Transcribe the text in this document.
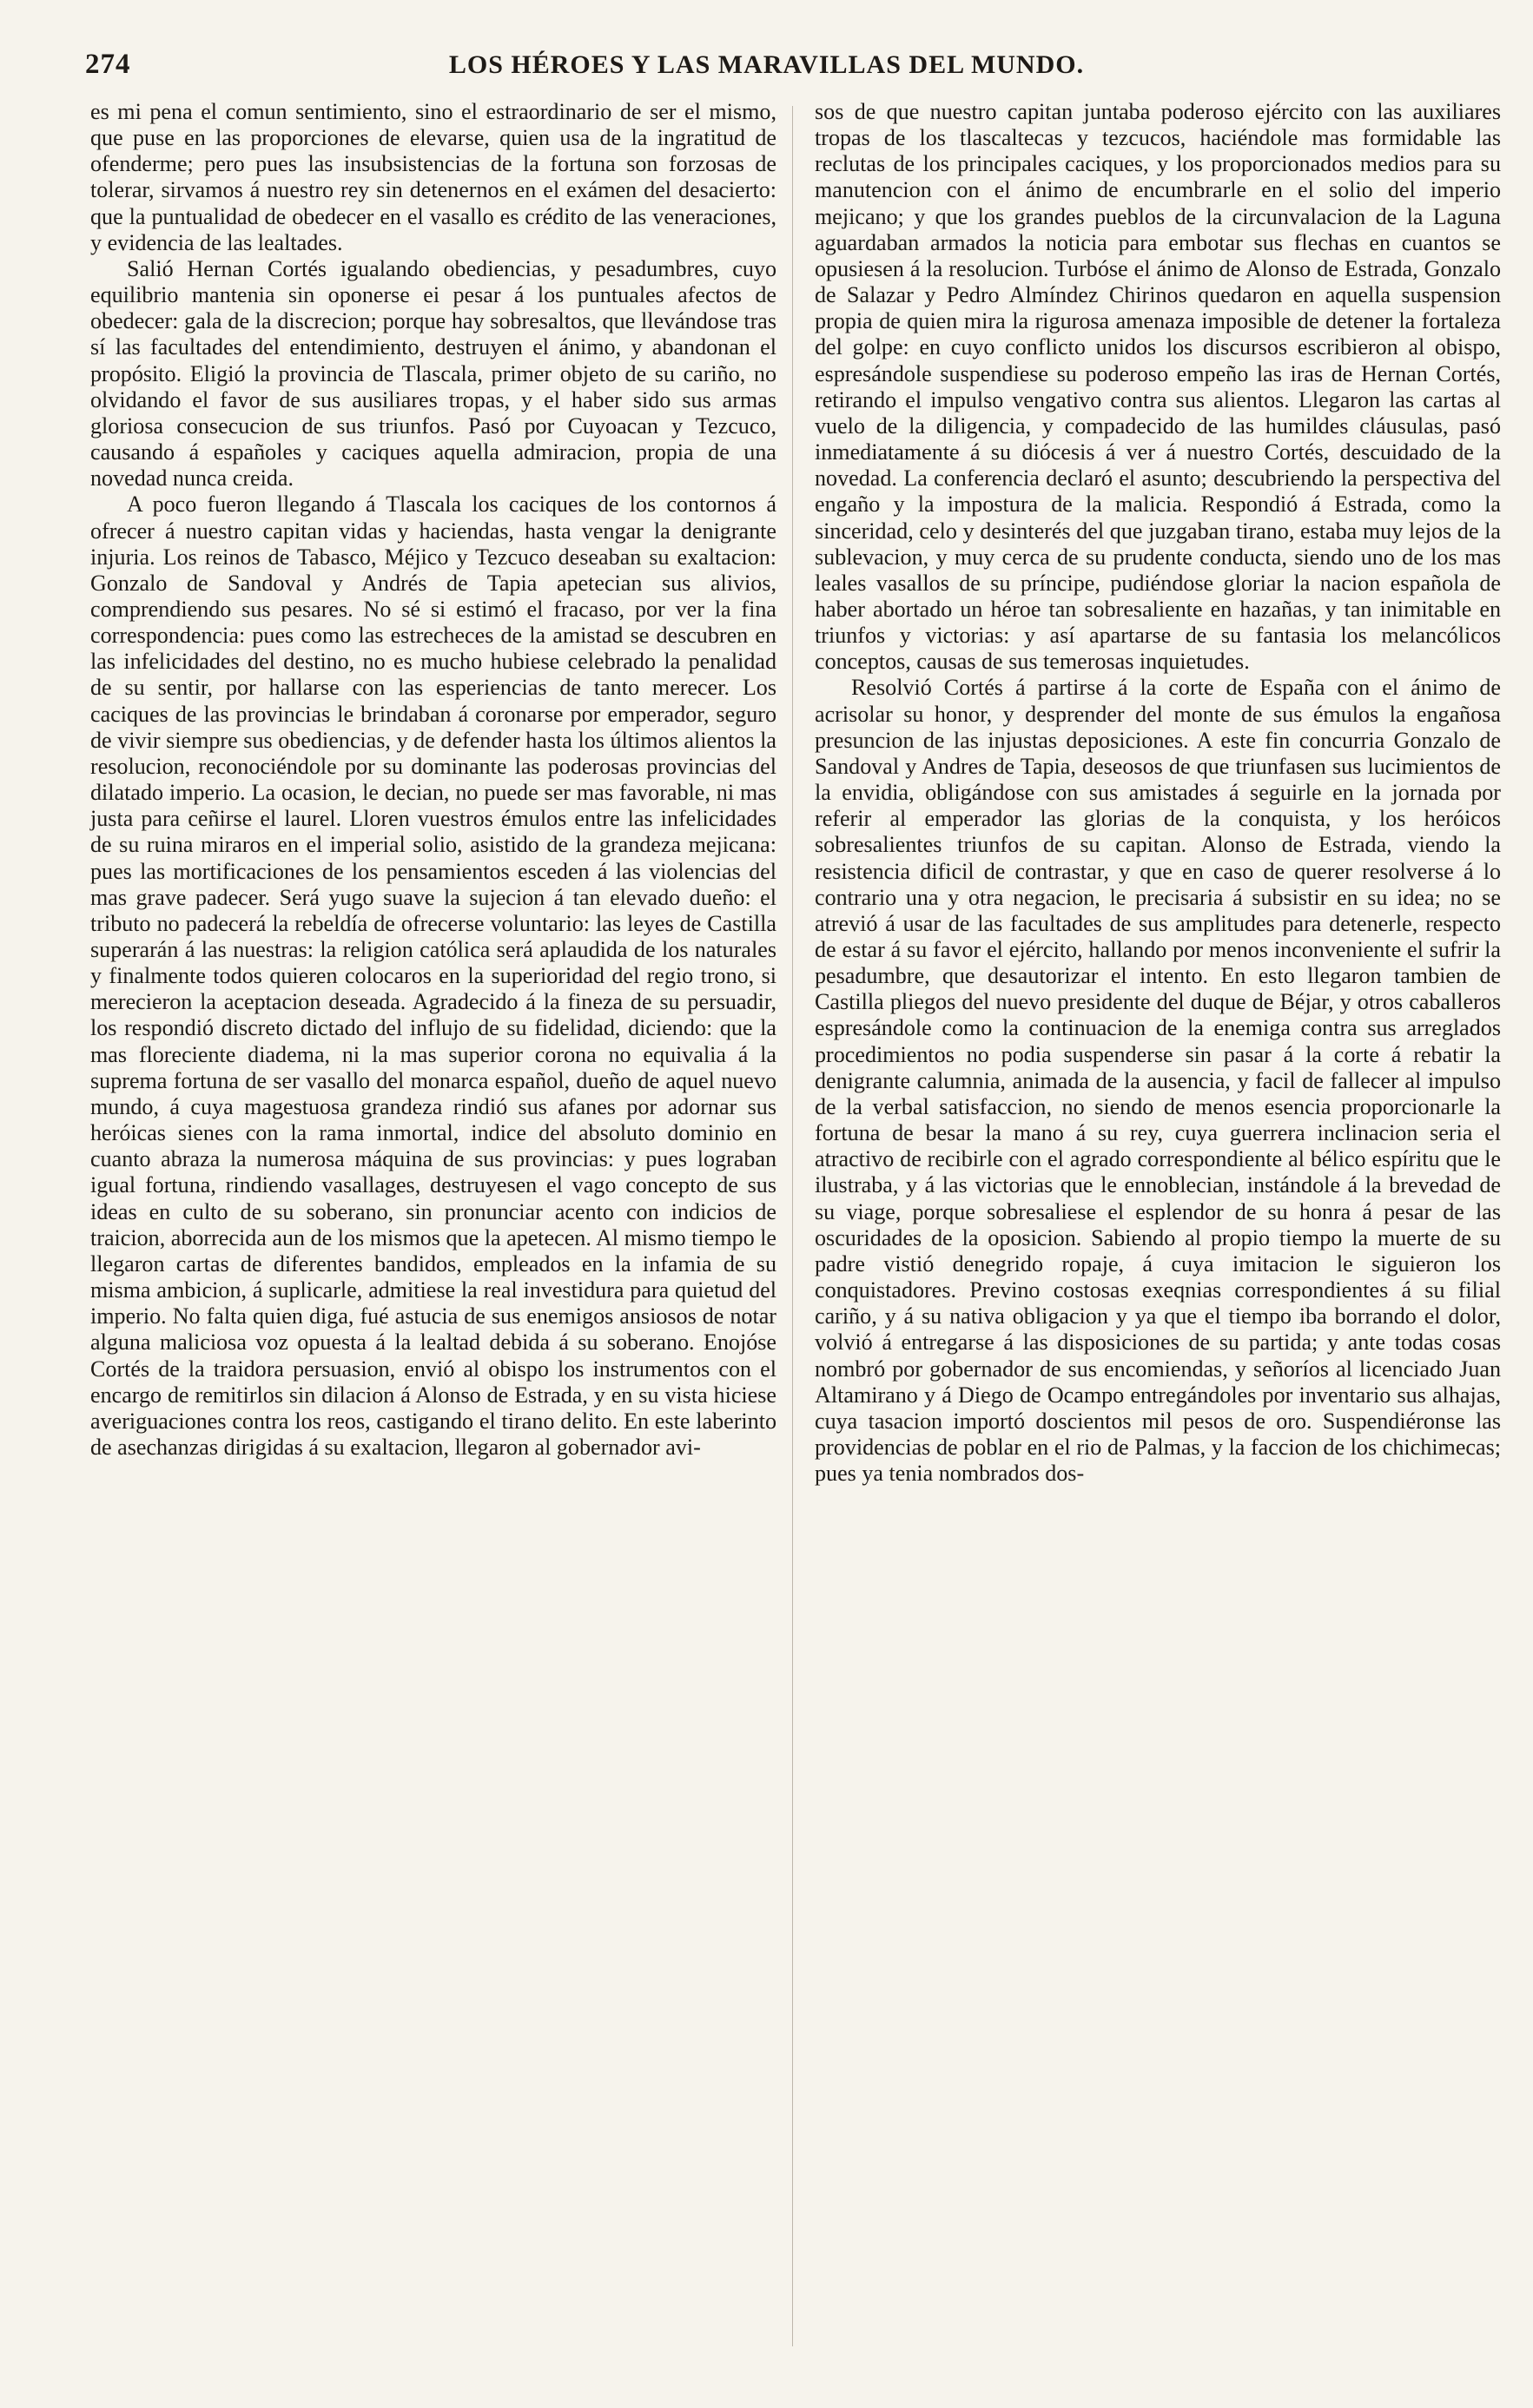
274	LOS HÉROES Y LAS MARAVILLAS DEL MUNDO.

es mi pena el comun sentimiento, sino el estraordinario de ser el mismo, que puse en las proporciones de elevarse, quien usa de la ingratitud de ofenderme; pero pues las insubsistencias de la fortuna son forzosas de tolerar, sirvamos á nuestro rey sin detenernos en el exámen del desacierto: que la puntualidad de obedecer en el vasallo es crédito de las veneraciones, y evidencia de las lealtades.

Salió Hernan Cortés igualando obediencias, y pesadumbres, cuyo equilibrio mantenia sin oponerse ei pesar á los puntuales afectos de obedecer: gala de la discrecion; porque hay sobresaltos, que llevándose tras sí las facultades del entendimiento, destruyen el ánimo, y abandonan el propósito. Eligió la provincia de Tlascala, primer objeto de su cariño, no olvidando el favor de sus ausiliares tropas, y el haber sido sus armas gloriosa consecucion de sus triunfos. Pasó por Cuyoacan y Tezcuco, causando á españoles y caciques aquella admiracion, propia de una novedad nunca creida.

A poco fueron llegando á Tlascala los caciques de los contornos á ofrecer á nuestro capitan vidas y haciendas, hasta vengar la denigrante injuria. Los reinos de Tabasco, Méjico y Tezcuco deseaban su exaltacion: Gonzalo de Sandoval y Andrés de Tapia apetecian sus alivios, comprendiendo sus pesares. No sé si estimó el fracaso, por ver la fina correspondencia: pues como las estrecheces de la amistad se descubren en las infelicidades del destino, no es mucho hubiese celebrado la penalidad de su sentir, por hallarse con las esperiencias de tanto merecer. Los caciques de las provincias le brindaban á coronarse por emperador, seguro de vivir siempre sus obediencias, y de defender hasta los últimos alientos la resolucion, reconociéndole por su dominante las poderosas provincias del dilatado imperio. La ocasion, le decian, no puede ser mas favorable, ni mas justa para ceñirse el laurel. Lloren vuestros émulos entre las infelicidades de su ruina miraros en el imperial solio, asistido de la grandeza mejicana: pues las mortificaciones de los pensamientos esceden á las violencias del mas grave padecer. Será yugo suave la sujecion á tan elevado dueño: el tributo no padecerá la rebeldía de ofrecerse voluntario: las leyes de Castilla superarán á las nuestras: la religion católica será aplaudida de los naturales y finalmente todos quieren colocaros en la superioridad del regio trono, si merecieron la aceptacion deseada. Agradecido á la fineza de su persuadir, los respondió discreto dictado del influjo de su fidelidad, diciendo: que la mas floreciente diadema, ni la mas superior corona no equivalia á la suprema fortuna de ser vasallo del monarca español, dueño de aquel nuevo mundo, á cuya magestuosa grandeza rindió sus afanes por adornar sus heróicas sienes con la rama inmortal, indice del absoluto dominio en cuanto abraza la numerosa máquina de sus provincias: y pues lograban igual fortuna, rindiendo vasallages, destruyesen el vago concepto de sus ideas en culto de su soberano, sin pronunciar acento con indicios de traicion, aborrecida aun de los mismos que la apetecen. Al mismo tiempo le llegaron cartas de diferentes bandidos, empleados en la infamia de su misma ambicion, á suplicarle, admitiese la real investidura para quietud del imperio. No falta quien diga, fué astucia de sus enemigos ansiosos de notar alguna maliciosa voz opuesta á la lealtad debida á su soberano. Enojóse Cortés de la traidora persuasion, envió al obispo los instrumentos con el encargo de remitirlos sin dilacion á Alonso de Estrada, y en su vista hiciese averiguaciones contra los reos, castigando el tirano delito. En este laberinto de asechanzas dirigidas á su exaltacion, llegaron al gobernador avi-

sos de que nuestro capitan juntaba poderoso ejército con las auxiliares tropas de los tlascaltecas y tezcucos, haciéndole mas formidable las reclutas de los principales caciques, y los proporcionados medios para su manutencion con el ánimo de encumbrarle en el solio del imperio mejicano; y que los grandes pueblos de la circunvalacion de la Laguna aguardaban armados la noticia para embotar sus flechas en cuantos se opusiesen á la resolucion. Turbóse el ánimo de Alonso de Estrada, Gonzalo de Salazar y Pedro Almíndez Chirinos quedaron en aquella suspension propia de quien mira la rigurosa amenaza imposible de detener la fortaleza del golpe: en cuyo conflicto unidos los discursos escribieron al obispo, espresándole suspendiese su poderoso empeño las iras de Hernan Cortés, retirando el impulso vengativo contra sus alientos. Llegaron las cartas al vuelo de la diligencia, y compadecido de las humildes cláusulas, pasó inmediatamente á su diócesis á ver á nuestro Cortés, descuidado de la novedad. La conferencia declaró el asunto; descubriendo la perspectiva del engaño y la impostura de la malicia. Respondió á Estrada, como la sinceridad, celo y desinterés del que juzgaban tirano, estaba muy lejos de la sublevacion, y muy cerca de su prudente conducta, siendo uno de los mas leales vasallos de su príncipe, pudiéndose gloriar la nacion española de haber abortado un héroe tan sobresaliente en hazañas, y tan inimitable en triunfos y victorias: y así apartarse de su fantasia los melancólicos conceptos, causas de sus temerosas inquietudes.

Resolvió Cortés á partirse á la corte de España con el ánimo de acrisolar su honor, y desprender del monte de sus émulos la engañosa presuncion de las injustas deposiciones. A este fin concurria Gonzalo de Sandoval y Andres de Tapia, deseosos de que triunfasen sus lucimientos de la envidia, obligándose con sus amistades á seguirle en la jornada por referir al emperador las glorias de la conquista, y los heróicos sobresalientes triunfos de su capitan. Alonso de Estrada, viendo la resistencia dificil de contrastar, y que en caso de querer resolverse á lo contrario una y otra negacion, le precisaria á subsistir en su idea; no se atrevió á usar de las facultades de sus amplitudes para detenerle, respecto de estar á su favor el ejército, hallando por menos inconveniente el sufrir la pesadumbre, que desautorizar el intento. En esto llegaron tambien de Castilla pliegos del nuevo presidente del duque de Béjar, y otros caballeros espresándole como la continuacion de la enemiga contra sus arreglados procedimientos no podia suspenderse sin pasar á la corte á rebatir la denigrante calumnia, animada de la ausencia, y facil de fallecer al impulso de la verbal satisfaccion, no siendo de menos esencia proporcionarle la fortuna de besar la mano á su rey, cuya guerrera inclinacion seria el atractivo de recibirle con el agrado correspondiente al bélico espíritu que le ilustraba, y á las victorias que le ennoblecian, instándole á la brevedad de su viage, porque sobresaliese el esplendor de su honra á pesar de las oscuridades de la oposicion. Sabiendo al propio tiempo la muerte de su padre vistió denegrido ropaje, á cuya imitacion le siguieron los conquistadores. Previno costosas exeqnias correspondientes á su filial cariño, y á su nativa obligacion y ya que el tiempo iba borrando el dolor, volvió á entregarse á las disposiciones de su partida; y ante todas cosas nombró por gobernador de sus encomiendas, y señoríos al licenciado Juan Altamirano y á Diego de Ocampo entregándoles por inventario sus alhajas, cuya tasacion importó doscientos mil pesos de oro. Suspendiéronse las providencias de poblar en el rio de Palmas, y la faccion de los chichimecas; pues ya tenia nombrados dos-
